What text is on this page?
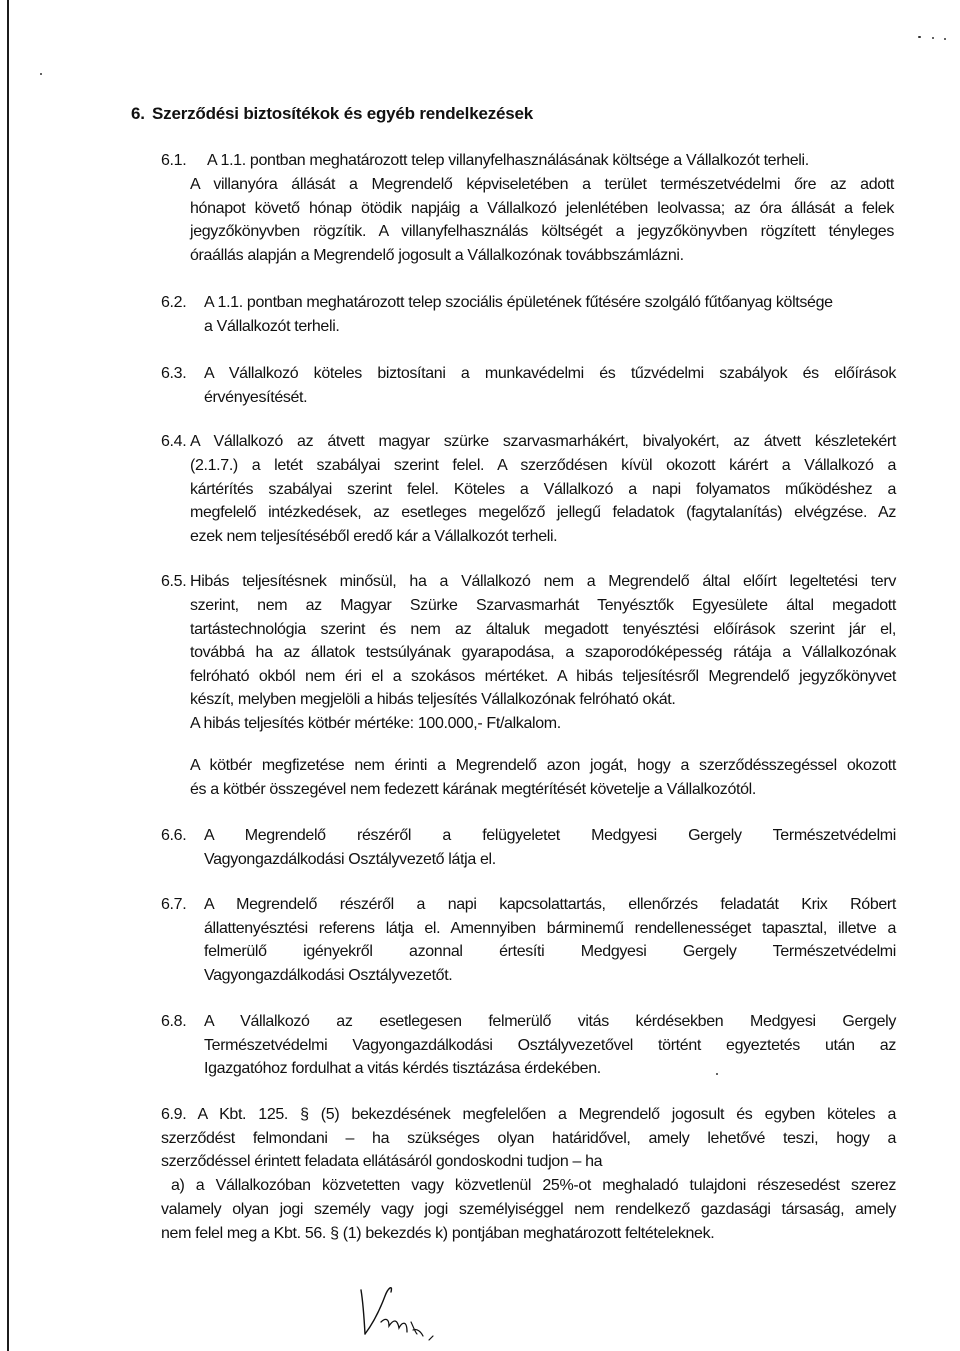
6. Szerződési biztosítékok és egyéb rendelkezések
6.1.	A 1.1. pontban meghatározott telep villanyfelhasználásának költsége a Vállalkozót terheli.
A villanyóra állását a Megrendelő képviseletében a terület természetvédelmi őre az adott
hónapot követő hónap ötödik napjáig a Vállalkozó jelenlétében leolvassa; az óra állását a felek
jegyzőkönyvben rögzítik. A villanyfelhasználás költségét a jegyzőkönyvben rögzített tényleges
óraállás alapján a Megrendelő jogosult a Vállalkozónak továbbszámlázni.
6.2.	A 1.1. pontban meghatározott telep szociális épületének fűtésére szolgáló fűtőanyag költsége
a Vállalkozót terheli.
6.3.	A Vállalkozó köteles biztosítani a munkavédelmi és tűzvédelmi szabályok és előírások
érvényesítését.
6.4. A Vállalkozó az átvett magyar szürke szarvasmarhákért, bivalyokért, az átvett készletekért
(2.1.7.) a letét szabályai szerint felel. A szerződésen kívül okozott kárért a Vállalkozó a
kártérítés szabályai szerint felel. Köteles a Vállalkozó a napi folyamatos működéshez a
megfelelő intézkedések, az esetleges megelőző jellegű feladatok (fagytalanítás) elvégzése. Az
ezek nem teljesítéséből eredő kár a Vállalkozót terheli.
6.5. Hibás teljesítésnek minősül, ha a Vállalkozó nem a Megrendelő által előírt legeltetési terv
szerint, nem az Magyar Szürke Szarvasmarhát Tenyésztők Egyesülete által megadott
tartástechnológia szerint és nem az általuk megadott tenyésztési előírások szerint jár el,
továbbá ha az állatok testsúlyának gyarapodása, a szaporodóképesség rátája a Vállalkozónak
felróható okból nem éri el a szokásos mértéket. A hibás teljesítésről Megrendelő jegyzőkönyvet
készít, melyben megjelöli a hibás teljesítés Vállalkozónak felróható okát.
A hibás teljesítés kötbér mértéke: 100.000,- Ft/alkalom.
A kötbér megfizetése nem érinti a Megrendelő azon jogát, hogy a szerződésszegéssel okozott
és a kötbér összegével nem fedezett kárának megtérítését követelje a Vállalkozótól.
6.6.	A Megrendelő részéről a felügyeletet Medgyesi Gergely Természetvédelmi
Vagyongazdálkodási Osztályvezető látja el.
6.7.	A Megrendelő részéről a napi kapcsolattartás, ellenőrzés feladatát Krix Róbert
állattenyésztési referens látja el. Amennyiben bárminemű rendellenességet tapasztal, illetve a
felmerülő igényekről azonnal értesíti Medgyesi Gergely Természetvédelmi
Vagyongazdálkodási Osztályvezetőt.
6.8.	A Vállalkozó az esetlegesen felmerülő vitás kérdésekben Medgyesi Gergely
Természetvédelmi Vagyongazdálkodási Osztályvezetővel történt egyeztetés után az
Igazgatóhoz fordulhat a vitás kérdés tisztázása érdekében.
6.9. A Kbt. 125. § (5) bekezdésének megfelelően a Megrendelő jogosult és egyben köteles a
szerződést felmondani – ha szükséges olyan határidővel, amely lehetővé teszi, hogy a
szerződéssel érintett feladata ellátásáról gondoskodni tudjon – ha
a) a Vállalkozóban közvetetten vagy közvetlenül 25%-ot meghaladó tulajdoni részesedést szerez
valamely olyan jogi személy vagy jogi személyiséggel nem rendelkező gazdasági társaság, amely
nem felel meg a Kbt. 56. § (1) bekezdés k) pontjában meghatározott feltételeknek.
